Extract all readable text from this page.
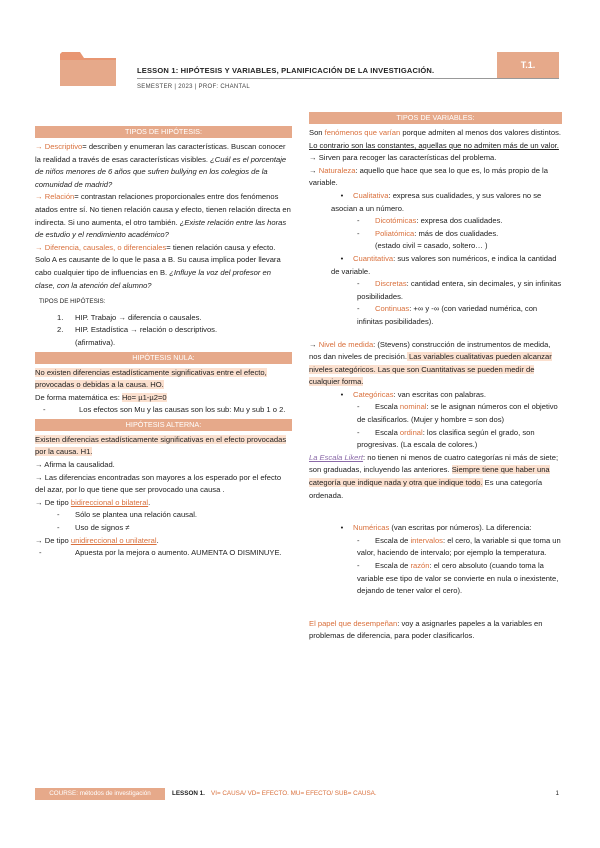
T.1.
LESSON 1: HIPÓTESIS Y VARIABLES, PLANIFICACIÓN DE LA INVESTIGACIÓN.
SEMESTER | 2023 | PROF: CHANTAL
TIPOS DE HIPÓTESIS:

→ Descriptivo= describen y enumeran las características. Buscan conocer la realidad a través de esas características visibles. ¿Cuál es el porcentaje de niños menores de 6 años que sufren bullying en los colegios de la comunidad de madrid?

→ Relación= contrastan relaciones proporcionales entre dos fenómenos atados entre sí. No tienen relación causa y efecto, tienen relación directa en indirecta. Si uno aumenta, el otro también. ¿Existe relación entre las horas de estudio y el rendimiento académico?

→ Diferencia, causales, o diferenciales= tienen relación causa y efecto. Solo A es causante de lo que le pasa a B. Su causa implica poder llevara cabo cualquier tipo de influencias en B. ¿Influye la voz del profesor en clase, con la atención del alumno?

TIPOS DE HIPÓTESIS:
1. HIP. Trabajo → diferencia o causales.
2. HIP. Estadística → relación o descriptivos.
(afirmativa).
HIPÓTESIS NULA:

No existen diferencias estadísticamente significativas entre el efecto, provocadas o debidas a la causa. HO.

De forma matemática es: Ho= µ1-µ2=0

-	Los efectos son Mu y las causas son los sub: Mu y sub 1 o 2.
HIPÓTESIS ALTERNA:

Existen diferencias estadísticamente significativas en el efecto provocadas por la causa. H1.

→ Afirma la causalidad.

→ Las diferencias encontradas son mayores a los esperado por el efecto del azar, por lo que tiene que ser provocado una causa .

→ De tipo bidireccional o bilateral.

- Sólo se plantea una relación causal.
- Uso de signos ≠

→ De tipo unidireccional o unilateral.

-	Apuesta por la mejora o aumento. AUMENTA O DISMINUYE.
TIPOS DE VARIABLES:

Son fenómenos que varían porque admiten al menos dos valores distintos. Lo contrario son las constantes, aquellas que no admiten más de un valor.

→ Sirven para recoger las características del problema.

→ Naturaleza: aquello que hace que sea lo que es, lo más propio de la variable.

• Cualitativa: expresa sus cualidades, y sus valores no se asocian a un número.
- Dicotómicas: expresa dos cualidades.
- Poliatómica: más de dos cualidades.
(estado civil = casado, soltero… )
• Cuantitativa: sus valores son numéricos, e indica la cantidad de variable.
- Discretas: cantidad entera, sin decimales, y sin infinitas posibilidades.
- Continuas: +∞ y -∞ (con variedad numérica, con infinitas posibilidades).

→ Nivel de medida: (Stevens) construcción de instrumentos de medida, nos dan niveles de precisión. Las variables cualitativas pueden alcanzar niveles categóricos. Las que son Cuantitativas se pueden medir de cualquier forma.

• Categóricas: van escritas con palabras.
- Escala nominal: se le asignan números con el objetivo de clasificarlos. (Mujer y hombre = son dos)
- Escala ordinal: los clasifica según el grado, son progresivas. (La escala de colores.)

La Escala Likert: no tienen ni menos de cuatro categorías ni más de siete; son graduadas, incluyendo las anteriores. Siempre tiene que haber una categoría que indique nada y otra que indique todo. Es una categoría ordenada.

• Numéricas (van escritas por números). La diferencia:
- Escala de intervalos: el cero, la variable si que toma un valor, haciendo de intervalo; por ejemplo la temperatura.
- Escala de razón: el cero absoluto (cuando toma la variable ese tipo de valor se convierte en nula o inexistente, dejando de tener valor el cero).

El papel que desempeñan: voy a asignarles papeles a la variables en problemas de diferencia, para poder clasificarlos.

COURSE: métodos de investigación	LESSON 1. VI= CAUSA/ VD= EFECTO. MU= EFECTO/ SUB= CAUSA.	1
